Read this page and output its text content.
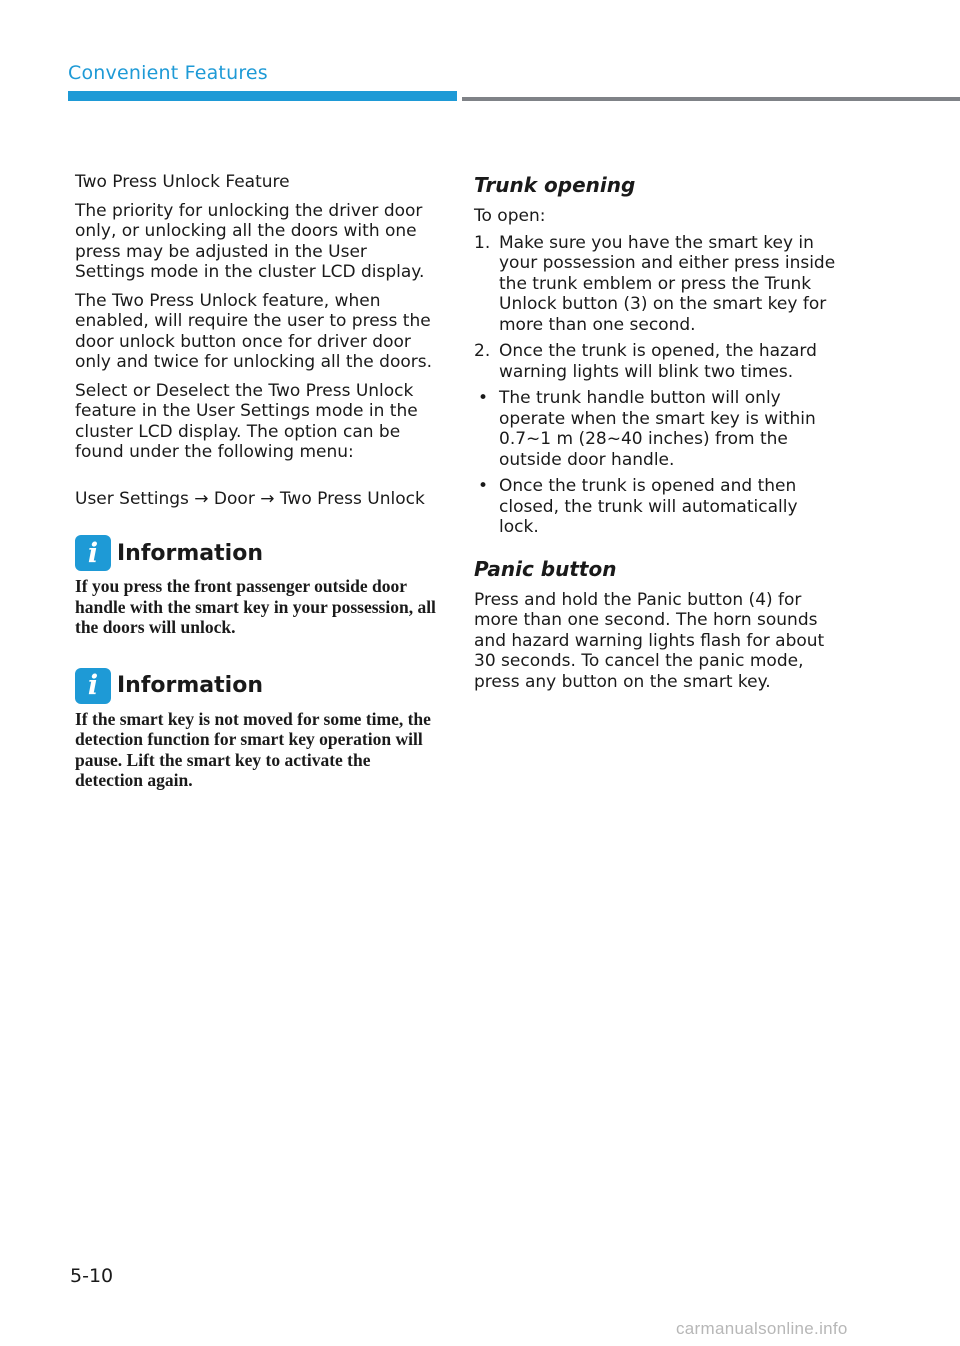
Convenient Features

Two Press Unlock Feature

The priority for unlocking the driver door only, or unlocking all the doors with one press may be adjusted in the User Settings mode in the cluster LCD display.

The Two Press Unlock feature, when enabled, will require the user to press the door unlock button once for driver door only and twice for unlocking all the doors.

Select or Deselect the Two Press Unlock feature in the User Settings mode in the cluster LCD display. The option can be found under the following menu:

User Settings → Door → Two Press Unlock

i Information
If you press the front passenger outside door handle with the smart key in your possession, all the doors will unlock.
i Information
If the smart key is not moved for some time, the detection function for smart key operation will pause. Lift the smart key to activate the detection again.
Trunk opening

To open:

1. Make sure you have the smart key in your possession and either press inside the trunk emblem or press the Trunk Unlock button (3) on the smart key for more than one second.
2. Once the trunk is opened, the hazard warning lights will blink two times.
• The trunk handle button will only operate when the smart key is within 0.7~1 m (28~40 inches) from the outside door handle.
• Once the trunk is opened and then closed, the trunk will automatically lock.
Panic button

Press and hold the Panic button (4) for more than one second. The horn sounds and hazard warning lights flash for about 30 seconds. To cancel the panic mode, press any button on the smart key.

5-10
carmanualsonline.info
